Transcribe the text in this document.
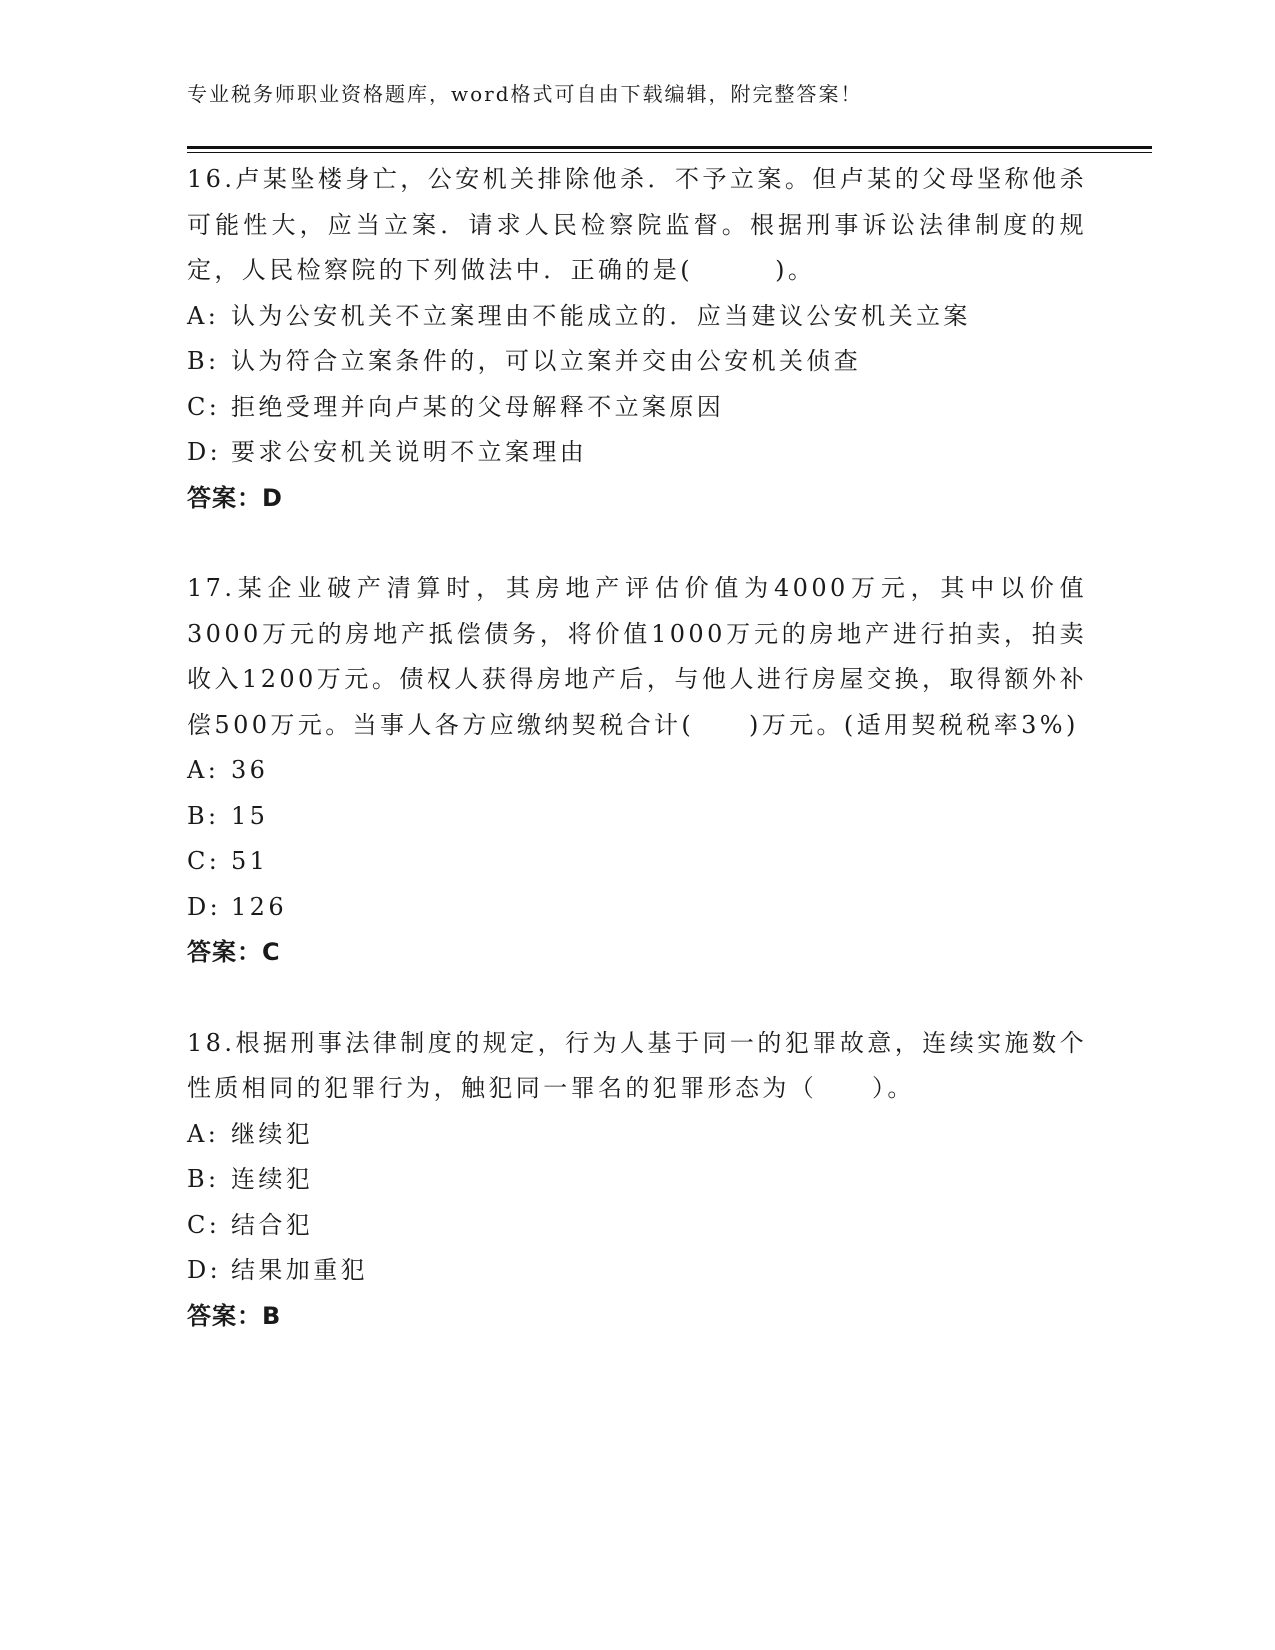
专业税务师职业资格题库，word格式可自由下载编辑，附完整答案！

16.卢某坠楼身亡，公安机关排除他杀．不予立案。但卢某的父母坚称他杀可能性大，应当立案．请求人民检察院监督。根据刑事诉讼法律制度的规定，人民检察院的下列做法中．正确的是(　　　)。

A: 认为公安机关不立案理由不能成立的．应当建议公安机关立案

B: 认为符合立案条件的，可以立案并交由公安机关侦查

C: 拒绝受理并向卢某的父母解释不立案原因

D: 要求公安机关说明不立案理由

答案：D

17.某企业破产清算时，其房地产评估价值为4000万元，其中以价值3000万元的房地产抵偿债务，将价值1000万元的房地产进行拍卖，拍卖收入1200万元。债权人获得房地产后，与他人进行房屋交换，取得额外补偿500万元。当事人各方应缴纳契税合计(　　)万元。(适用契税税率3%)

A: 36

B: 15

C: 51

D: 126

答案：C

18.根据刑事法律制度的规定，行为人基于同一的犯罪故意，连续实施数个性质相同的犯罪行为，触犯同一罪名的犯罪形态为（　　）。

A: 继续犯

B: 连续犯

C: 结合犯

D: 结果加重犯

答案：B
